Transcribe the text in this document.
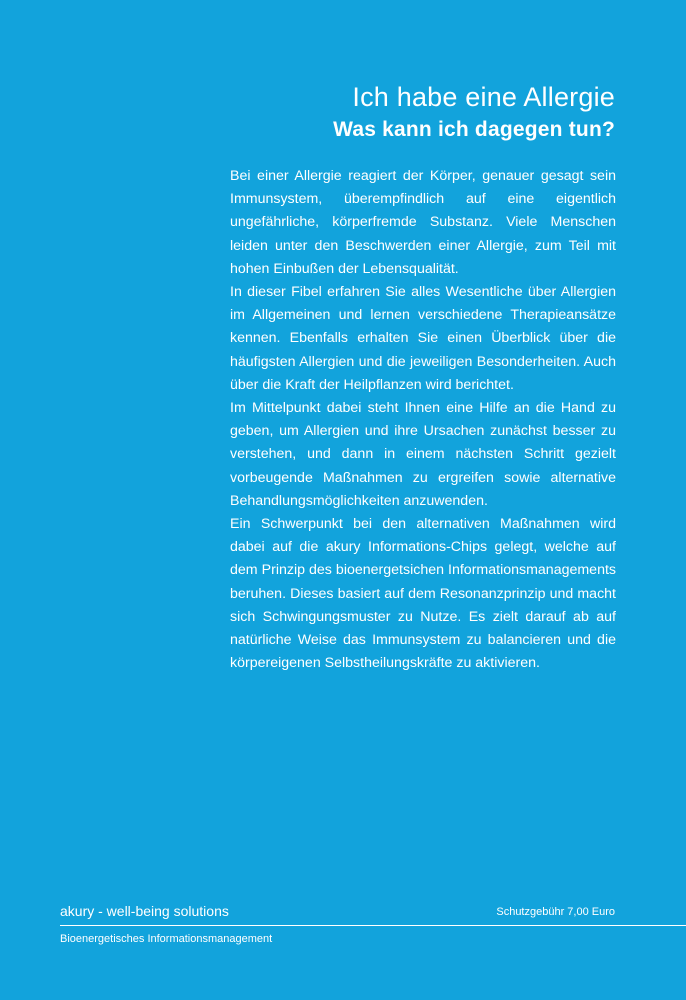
Ich habe eine Allergie
Was kann ich dagegen tun?

Bei einer Allergie reagiert der Körper, genauer gesagt sein Immunsystem, überempfindlich auf eine eigentlich ungefährliche, körperfremde Substanz. Viele Menschen leiden unter den Beschwerden einer Allergie, zum Teil mit hohen Einbußen der Lebensqualität.

In dieser Fibel erfahren Sie alles Wesentliche über Allergien im Allgemeinen und lernen verschiedene Therapieansätze kennen. Ebenfalls erhalten Sie einen Überblick über die häufigsten Allergien und die jeweiligen Besonderheiten. Auch über die Kraft der Heilpflanzen wird berichtet.

Im Mittelpunkt dabei steht Ihnen eine Hilfe an die Hand zu geben, um Allergien und ihre Ursachen zunächst besser zu verstehen, und dann in einem nächsten Schritt gezielt vorbeugende Maßnahmen zu ergreifen sowie alternative Behandlungsmöglichkeiten anzuwenden.

Ein Schwerpunkt bei den alternativen Maßnahmen wird dabei auf die akury Informations-Chips gelegt, welche auf dem Prinzip des bioenergetsichen Informationsmanagements beruhen. Dieses basiert auf dem Resonanzprinzip und macht sich Schwingungsmuster zu Nutze. Es zielt darauf ab auf natürliche Weise das Immunsystem zu balancieren und die körpereigenen Selbstheilungskräfte zu aktivieren.

akury - well-being solutions	Schutzgebühr 7,00 Euro
Bioenergetisches Informationsmanagement
